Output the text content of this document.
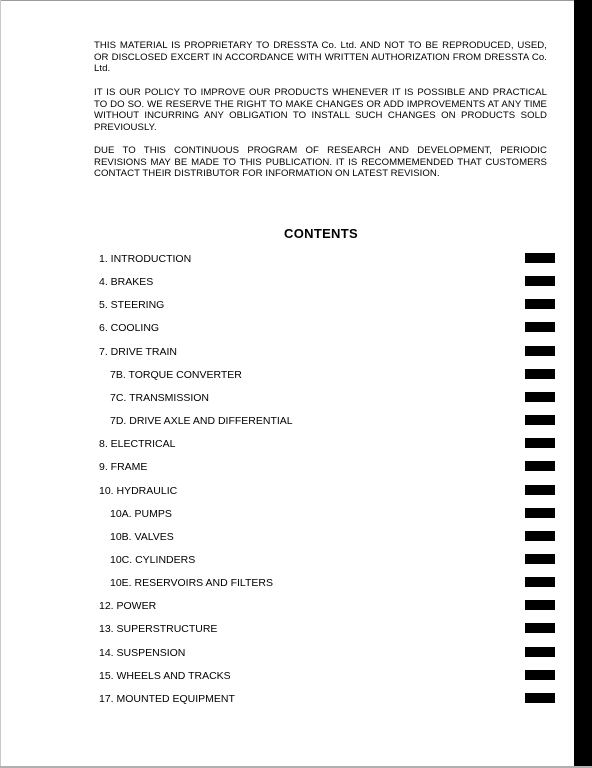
THIS MATERIAL IS PROPRIETARY TO DRESSTA Co. Ltd. AND NOT TO BE REPRODUCED, USED, OR DISCLOSED EXCERT IN ACCORDANCE WITH WRITTEN AUTHORIZATION FROM DRESSTA Co. Ltd.

IT IS OUR POLICY TO IMPROVE OUR PRODUCTS WHENEVER IT IS POSSIBLE AND PRACTICAL TO DO SO. WE RESERVE THE RIGHT TO MAKE CHANGES OR ADD IMPROVEMENTS AT ANY TIME WITHOUT INCURRING ANY OBLIGATION TO INSTALL SUCH CHANGES ON PRODUCTS SOLD PREVIOUSLY.

DUE TO THIS CONTINUOUS PROGRAM OF RESEARCH AND DEVELOPMENT, PERIODIC REVISIONS MAY BE MADE TO THIS PUBLICATION. IT IS RECOMMEMENDED THAT CUSTOMERS CONTACT THEIR DISTRIBUTOR FOR INFORMATION ON LATEST REVISION.

CONTENTS
1. INTRODUCTION
4. BRAKES
5. STEERING
6. COOLING
7. DRIVE TRAIN
7B. TORQUE CONVERTER
7C. TRANSMISSION
7D. DRIVE AXLE AND DIFFERENTIAL
8. ELECTRICAL
9. FRAME
10. HYDRAULIC
10A. PUMPS
10B. VALVES
10C. CYLINDERS
10E. RESERVOIRS AND FILTERS
12. POWER
13. SUPERSTRUCTURE
14. SUSPENSION
15. WHEELS AND TRACKS
17. MOUNTED EQUIPMENT
